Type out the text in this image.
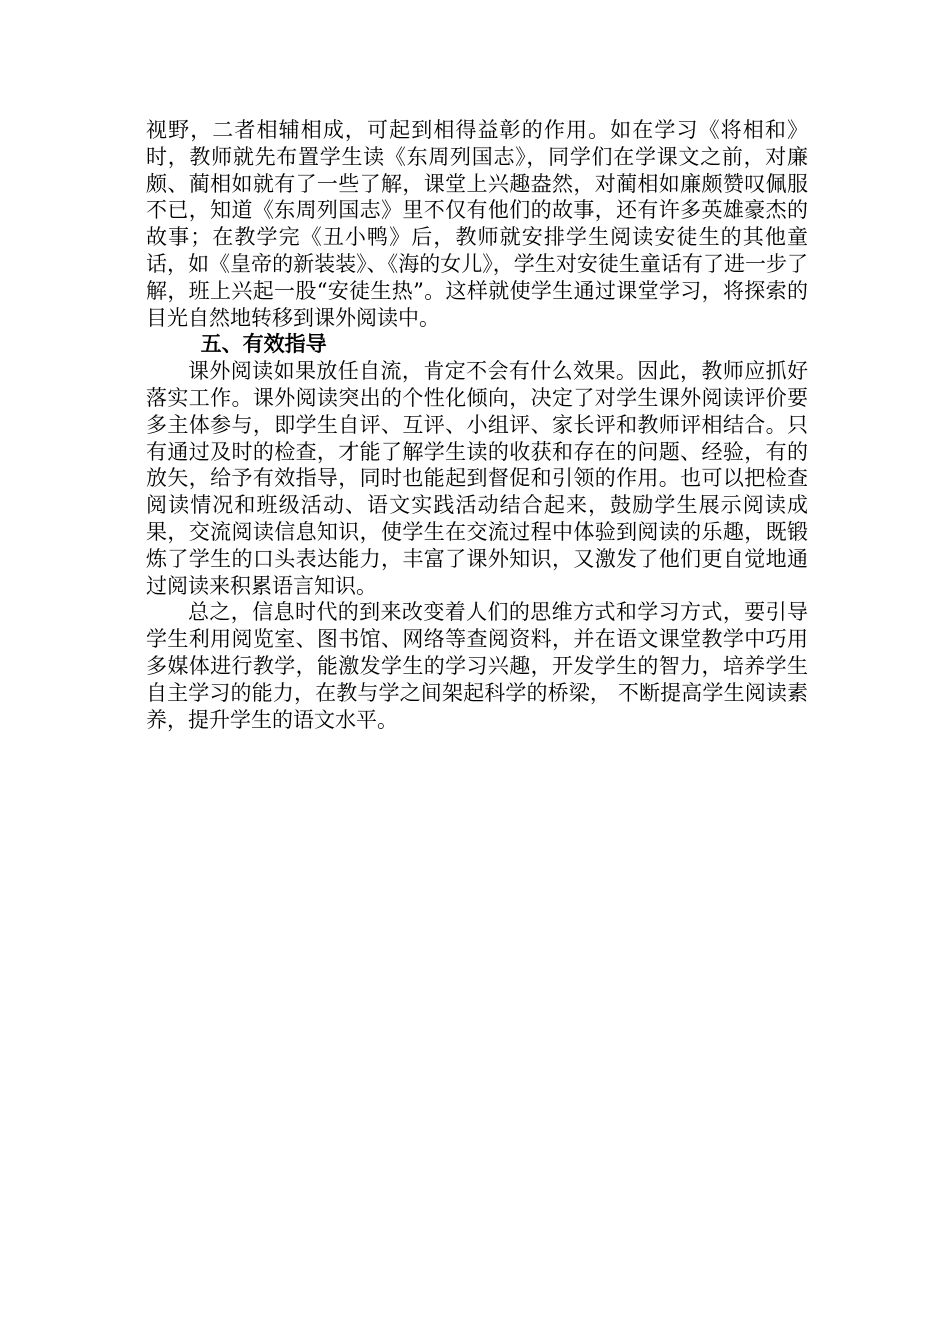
视野，二者相辅相成，可起到相得益彰的作用。如在学习《将相和》时，教师就先布置学生读《东周列国志》，同学们在学课文之前，对廉颇、蔺相如就有了一些了解，课堂上兴趣盎然，对蔺相如廉颇赞叹佩服不已，知道《东周列国志》里不仅有他们的故事，还有许多英雄豪杰的故事；在教学完《丑小鸭》后，教师就安排学生阅读安徒生的其他童话，如《皇帝的新装装》、《海的女儿》，学生对安徒生童话有了进一步了解，班上兴起一股“安徒生热”。这样就使学生通过课堂学习，将探索的目光自然地转移到课外阅读中。

五、有效指导

课外阅读如果放任自流，肯定不会有什么效果。因此，教师应抓好落实工作。课外阅读突出的个性化倾向，决定了对学生课外阅读评价要多主体参与，即学生自评、互评、小组评、家长评和教师评相结合。只有通过及时的检查，才能了解学生读的收获和存在的问题、经验，有的放矢，给予有效指导，同时也能起到督促和引领的作用。也可以把检查阅读情况和班级活动、语文实践活动结合起来，鼓励学生展示阅读成果，交流阅读信息知识，使学生在交流过程中体验到阅读的乐趣，既锻炼了学生的口头表达能力，丰富了课外知识，又激发了他们更自觉地通过阅读来积累语言知识。

总之，信息时代的到来改变着人们的思维方式和学习方式，要引导学生利用阅览室、图书馆、网络等查阅资料，并在语文课堂教学中巧用多媒体进行教学，能激发学生的学习兴趣，开发学生的智力，培养学生自主学习的能力，在教与学之间架起科学的桥梁， 不断提高学生阅读素养，提升学生的语文水平。
